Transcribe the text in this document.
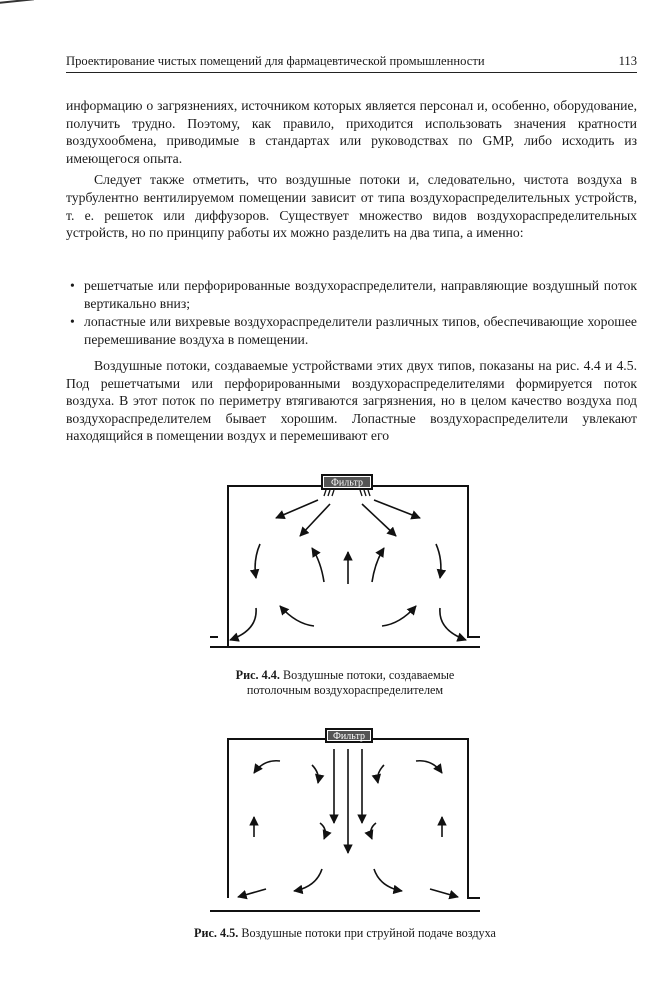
Проектирование чистых помещений для фармацевтической промышленности	113

информацию о загрязнениях, источником которых является персонал и, особенно, оборудование, получить трудно. Поэтому, как правило, приходится использовать значения кратности воздухообмена, приводимые в стандартах или руководствах по GMP, либо исходить из имеющегося опыта.

Следует также отметить, что воздушные потоки и, следовательно, чистота воздуха в турбулентно вентилируемом помещении зависит от типа воздухораспределительных устройств, т. е. решеток или диффузоров. Существует множество видов воздухораспределительных устройств, но по принципу работы их можно разделить на два типа, а именно:

• решетчатые или перфорированные воздухораспределители, направляющие воздушный поток вертикально вниз;
• лопастные или вихревые воздухораспределители различных типов, обеспечивающие хорошее перемешивание воздуха в помещении.

Воздушные потоки, создаваемые устройствами этих двух типов, показаны на рис. 4.4 и 4.5. Под решетчатыми или перфорированными воздухораспределителями формируется поток воздуха. В этот поток по периметру втягиваются загрязнения, но в целом качество воздуха под воздухораспределителем бывает хорошим. Лопастные воздухораспределители увлекают находящийся в помещении воздух и перемешивают его

Фильтр
Рис. 4.4. Воздушные потоки, создаваемые
потолочным воздухораспределителем
Фильтр
Рис. 4.5. Воздушные потоки при струйной подаче воздуха
